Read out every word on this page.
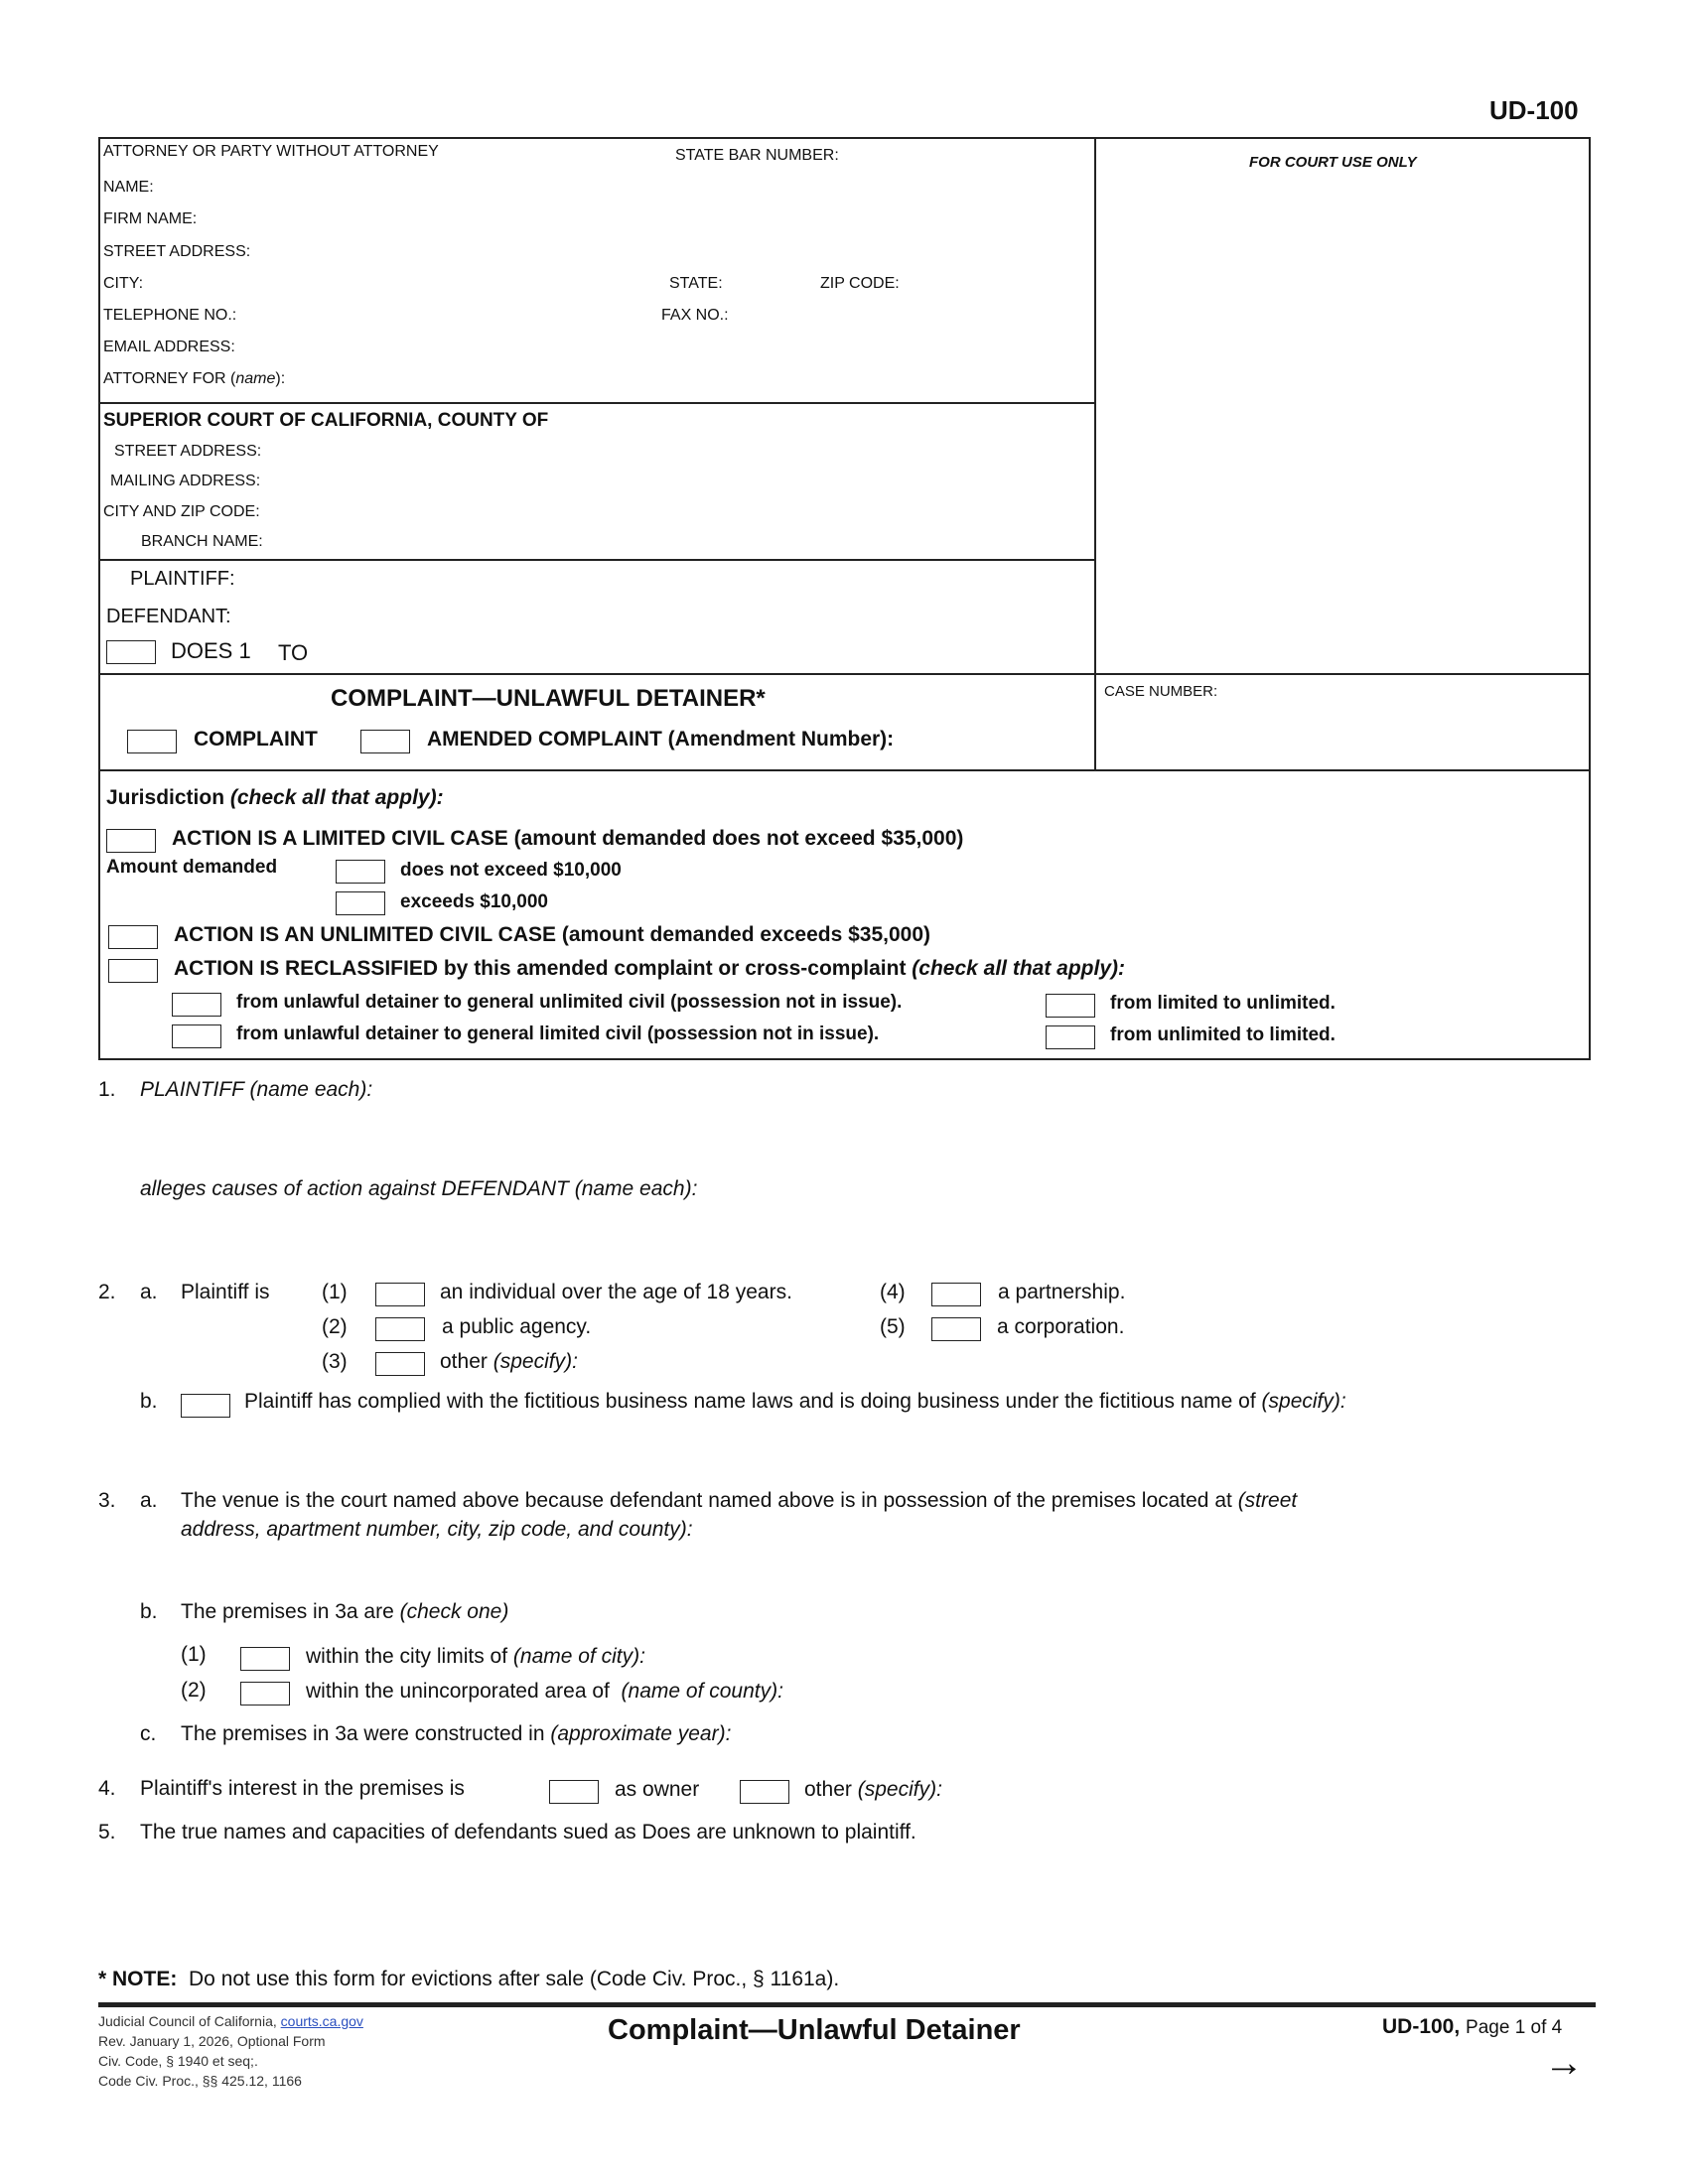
UD-100
ATTORNEY OR PARTY WITHOUT ATTORNEY	STATE BAR NUMBER:	FOR COURT USE ONLY
NAME:
FIRM NAME:
STREET ADDRESS:
CITY:	STATE:	ZIP CODE:
TELEPHONE NO.:	FAX NO.:
EMAIL ADDRESS:
ATTORNEY FOR (name):
SUPERIOR COURT OF CALIFORNIA, COUNTY OF
STREET ADDRESS:
MAILING ADDRESS:
CITY AND ZIP CODE:
BRANCH NAME:
PLAINTIFF:
DEFENDANT:
DOES 1 TO
COMPLAINT—UNLAWFUL DETAINER*
COMPLAINT	AMENDED COMPLAINT (Amendment Number):
CASE NUMBER:
Jurisdiction (check all that apply):
ACTION IS A LIMITED CIVIL CASE (amount demanded does not exceed $35,000)
Amount demanded	does not exceed $10,000
exceeds $10,000
ACTION IS AN UNLIMITED CIVIL CASE (amount demanded exceeds $35,000)
ACTION IS RECLASSIFIED by this amended complaint or cross-complaint (check all that apply):
from unlawful detainer to general unlimited civil (possession not in issue).	from limited to unlimited.
from unlawful detainer to general limited civil (possession not in issue).	from unlimited to limited.
1. PLAINTIFF (name each):
alleges causes of action against DEFENDANT (name each):
2. a. Plaintiff is	(1)	an individual over the age of 18 years.	(4)	a partnership.
(2)	a public agency.	(5)	a corporation.
(3)	other (specify):
b.	Plaintiff has complied with the fictitious business name laws and is doing business under the fictitious name of (specify):
3. a. The venue is the court named above because defendant named above is in possession of the premises located at (street
address, apartment number, city, zip code, and county):
b. The premises in 3a are (check one)
(1)	within the city limits of (name of city):
(2)	within the unincorporated area of (name of county):
c. The premises in 3a were constructed in (approximate year):
4. Plaintiff's interest in the premises is	as owner	other (specify):
5. The true names and capacities of defendants sued as Does are unknown to plaintiff.
* NOTE: Do not use this form for evictions after sale (Code Civ. Proc., § 1161a).
Judicial Council of California, courts.ca.gov
Rev. January 1, 2026, Optional Form
Civ. Code, § 1940 et seq;.
Code Civ. Proc., §§ 425.12, 1166
Complaint—Unlawful Detainer	UD-100, Page 1 of 4
→
